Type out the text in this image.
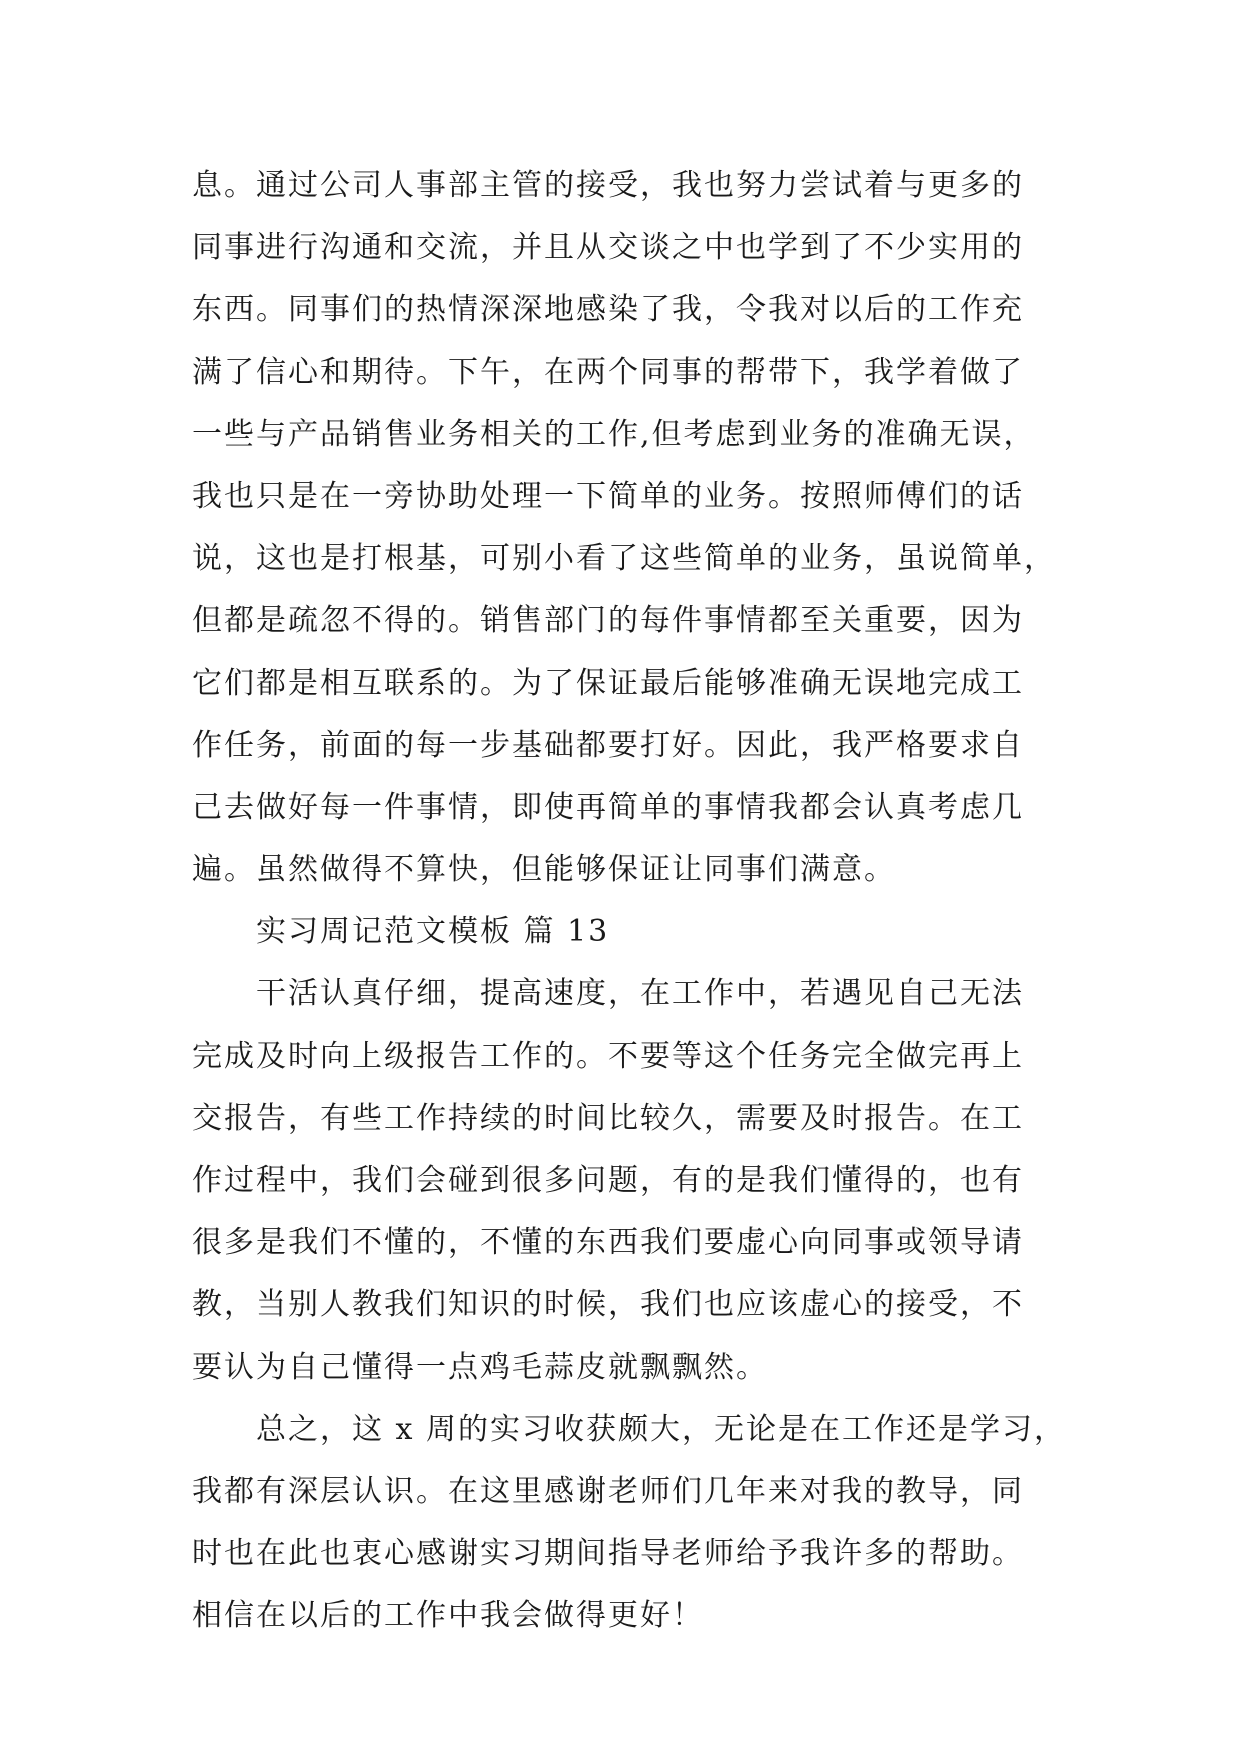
息。通过公司人事部主管的接受，我也努力尝试着与更多的
同事进行沟通和交流，并且从交谈之中也学到了不少实用的
东西。同事们的热情深深地感染了我，令我对以后的工作充
满了信心和期待。下午，在两个同事的帮带下，我学着做了
一些与产品销售业务相关的工作,但考虑到业务的准确无误，
我也只是在一旁协助处理一下简单的业务。按照师傅们的话
说，这也是打根基，可别小看了这些简单的业务，虽说简单，
但都是疏忽不得的。销售部门的每件事情都至关重要，因为
它们都是相互联系的。为了保证最后能够准确无误地完成工
作任务，前面的每一步基础都要打好。因此，我严格要求自
己去做好每一件事情，即使再简单的事情我都会认真考虑几
遍。虽然做得不算快，但能够保证让同事们满意。
实习周记范文模板 篇 13
干活认真仔细，提高速度，在工作中，若遇见自己无法
完成及时向上级报告工作的。不要等这个任务完全做完再上
交报告，有些工作持续的时间比较久，需要及时报告。在工
作过程中，我们会碰到很多问题，有的是我们懂得的，也有
很多是我们不懂的，不懂的东西我们要虚心向同事或领导请
教，当别人教我们知识的时候，我们也应该虚心的接受，不
要认为自己懂得一点鸡毛蒜皮就飘飘然。
总之，这 x 周的实习收获颇大，无论是在工作还是学习，
我都有深层认识。在这里感谢老师们几年来对我的教导，同
时也在此也衷心感谢实习期间指导老师给予我许多的帮助。
相信在以后的工作中我会做得更好！
